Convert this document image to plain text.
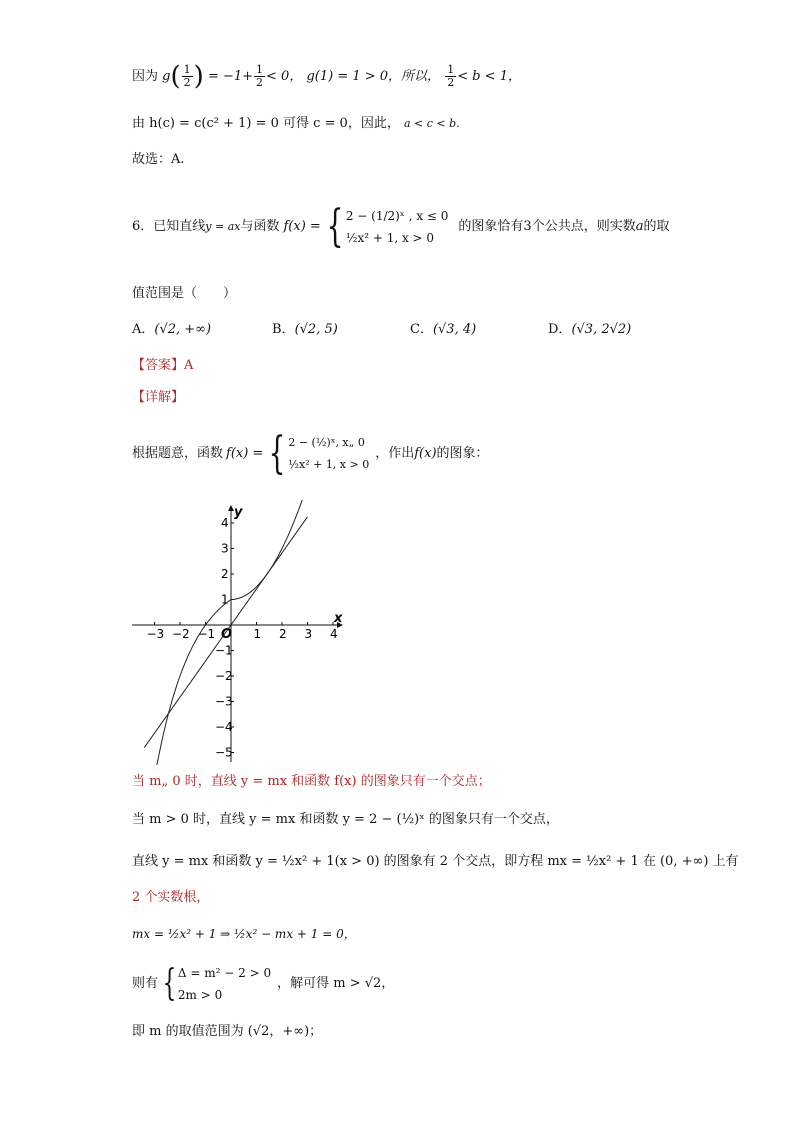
因为 $g( \frac{1}{2}$ ) = $-1+ \frac{1}{2} < 0$， g(1) = 1 > 0，所以， $\frac{1}{2} < b < 1$，
由 h(c) = c(c² + 1) = 0 可得 c = 0，因此， a < c < b.
故选：A.
6． 已知直线 y = ax 与函数 f(x) = { 2 − (1/2)ˣ , x ≤ 0
½x² + 1, x > 0
的图象恰有3个公共点，则实数 a 的取
值范围是（　　）
A．(√2, +∞)	B．(√2, 5)	C．(√3, 4)	D．(√3, 2√2)
【答案】A
【详解】
根据题意，函数 f(x) = { 2 − (½)ˣ, x„ 0
½x² + 1, x > 0
，作出 f(x) 的图象：
−3 −2 −1	1 2 3 4
4
3
2
1
−1
−2
−3
−4
−5
x
y
O
当 m„ 0 时，直线 y = mx 和函数 f(x) 的图象只有一个交点；
当 m > 0 时，直线 y = mx 和函数 y = 2 − (½)ˣ 的图象只有一个交点，
直线 y = mx 和函数 y = ½x² + 1(x > 0) 的图象有 2 个交点，即方程 mx = ½x² + 1 在 (0, +∞) 上有
2 个实数根，
mx = ½x² + 1 ⇒ ½x² − mx + 1 = 0，
则有 { Δ = m² − 2 > 0
2m > 0
，解可得 m > √2，
即 m 的取值范围为 (√2，+∞)；
